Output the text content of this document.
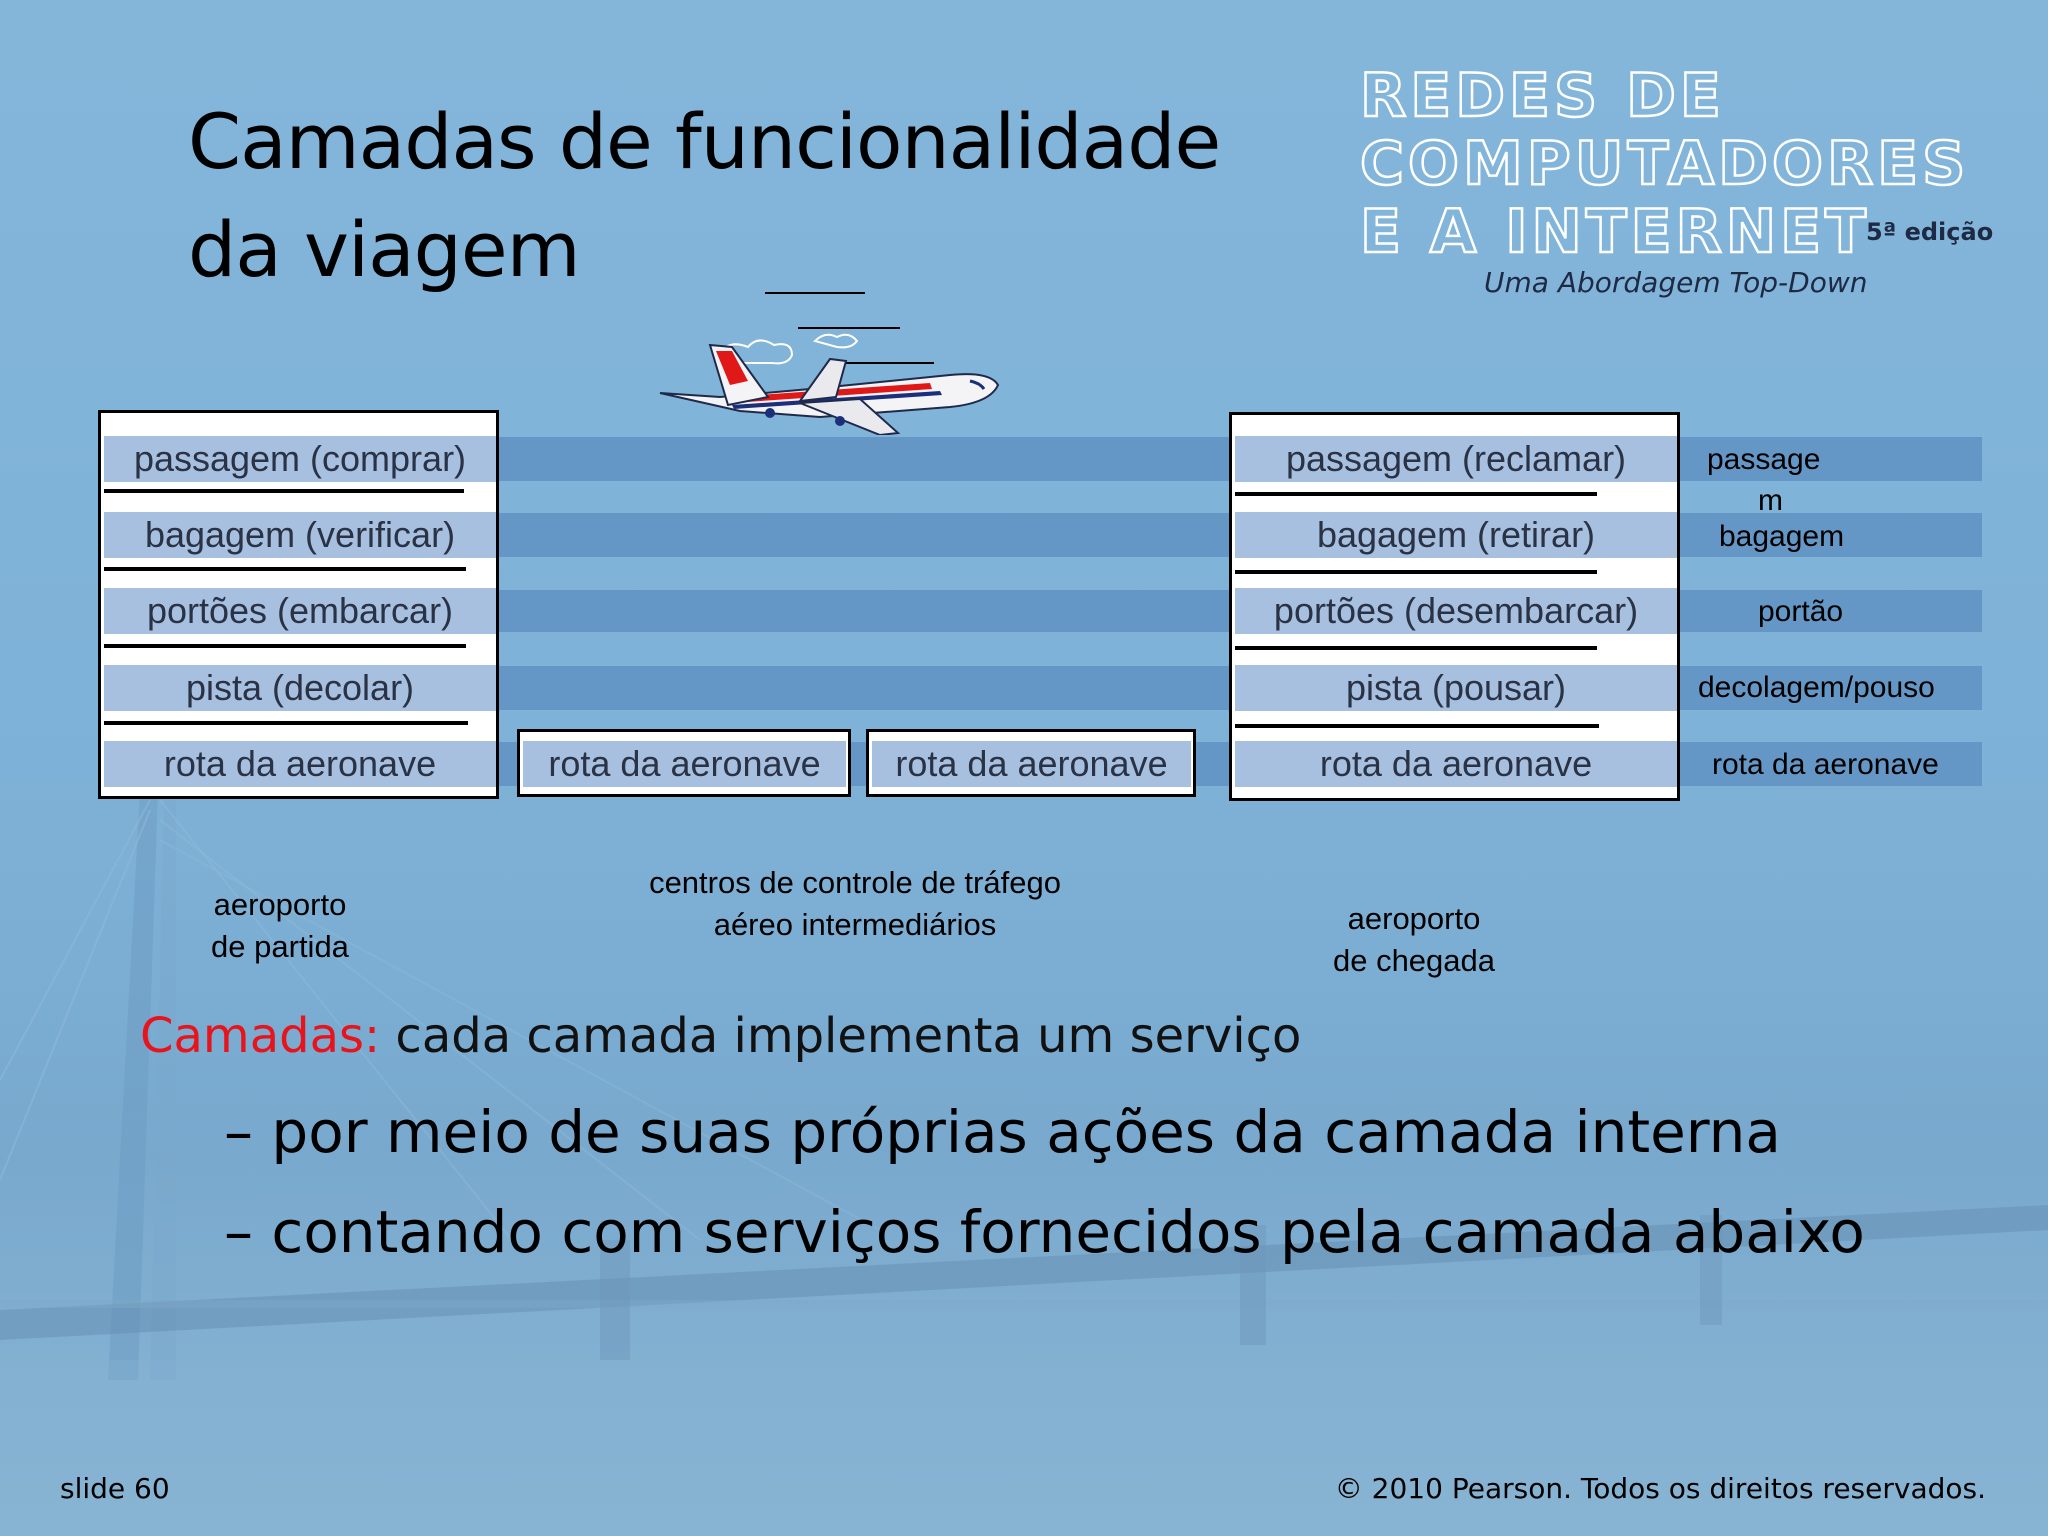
Camadas de funcionalidade
da viagem
REDES DE
COMPUTADORES
E A INTERNET
5ª edição
Uma Abordagem Top-Down
passagem (comprar)
bagagem (verificar)
portões (embarcar)
pista (decolar)
rota da aeronave	rota da aeronave	rota da aeronave
passagem (reclamar)
bagagem (retirar)
portões (desembarcar)
pista (pousar)
rota da aeronave
passage
m
bagagem
portão
decolagem/pouso
rota da aeronave
aeroporto
de partida
centros de controle de tráfego
aéreo intermediários	aeroporto
de chegada
Camadas: cada camada implementa um serviço
– por meio de suas próprias ações da camada interna
– contando com serviços fornecidos pela camada abaixo
slide 60	© 2010 Pearson. Todos os direitos reservados.
